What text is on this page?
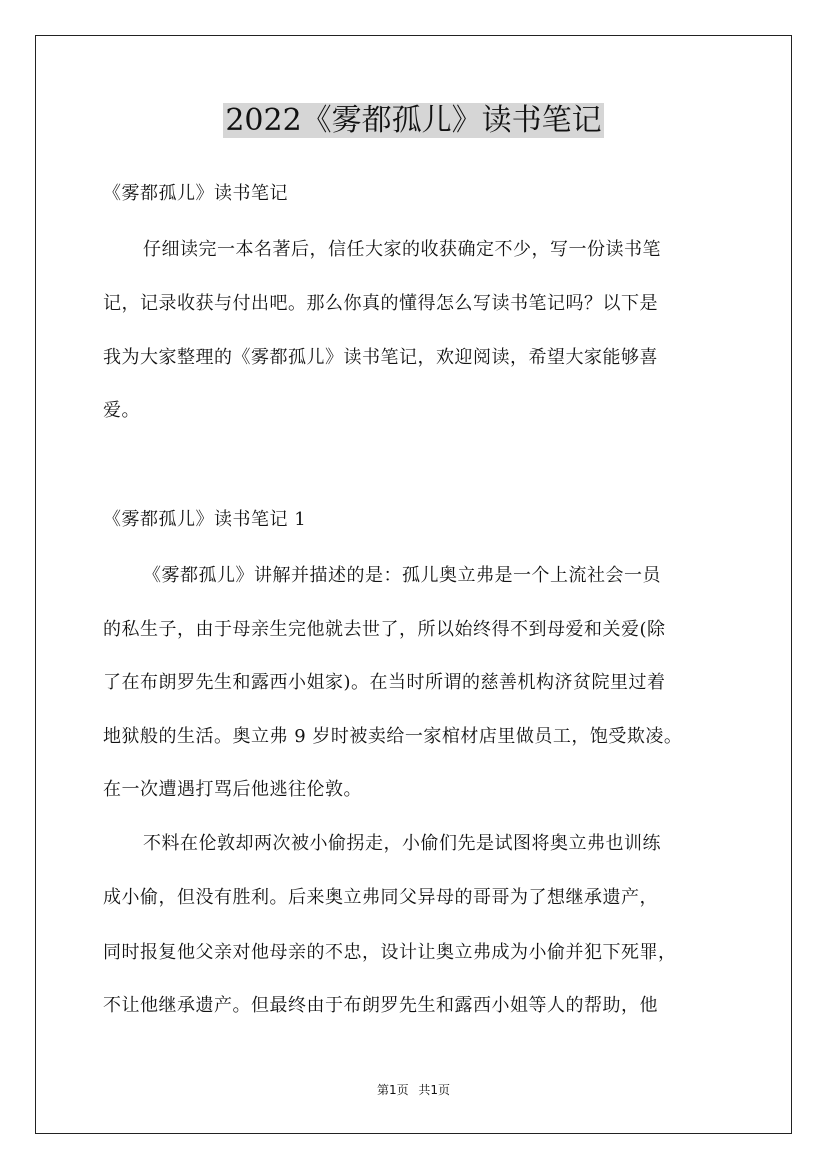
2022《雾都孤儿》读书笔记
《雾都孤儿》读书笔记
仔细读完一本名著后，信任大家的收获确定不少，写一份读书笔
记，记录收获与付出吧。那么你真的懂得怎么写读书笔记吗？以下是
我为大家整理的《雾都孤儿》读书笔记，欢迎阅读，希望大家能够喜
爱。
《雾都孤儿》读书笔记 1
《雾都孤儿》讲解并描述的是：孤儿奥立弗是一个上流社会一员
的私生子，由于母亲生完他就去世了，所以始终得不到母爱和关爱(除
了在布朗罗先生和露西小姐家)。在当时所谓的慈善机构济贫院里过着
地狱般的生活。奥立弗 9 岁时被卖给一家棺材店里做员工，饱受欺凌。
在一次遭遇打骂后他逃往伦敦。
不料在伦敦却两次被小偷拐走，小偷们先是试图将奥立弗也训练
成小偷，但没有胜利。后来奥立弗同父异母的哥哥为了想继承遗产，
同时报复他父亲对他母亲的不忠，设计让奥立弗成为小偷并犯下死罪，
不让他继承遗产。但最终由于布朗罗先生和露西小姐等人的帮助，他
第1页 共1页
